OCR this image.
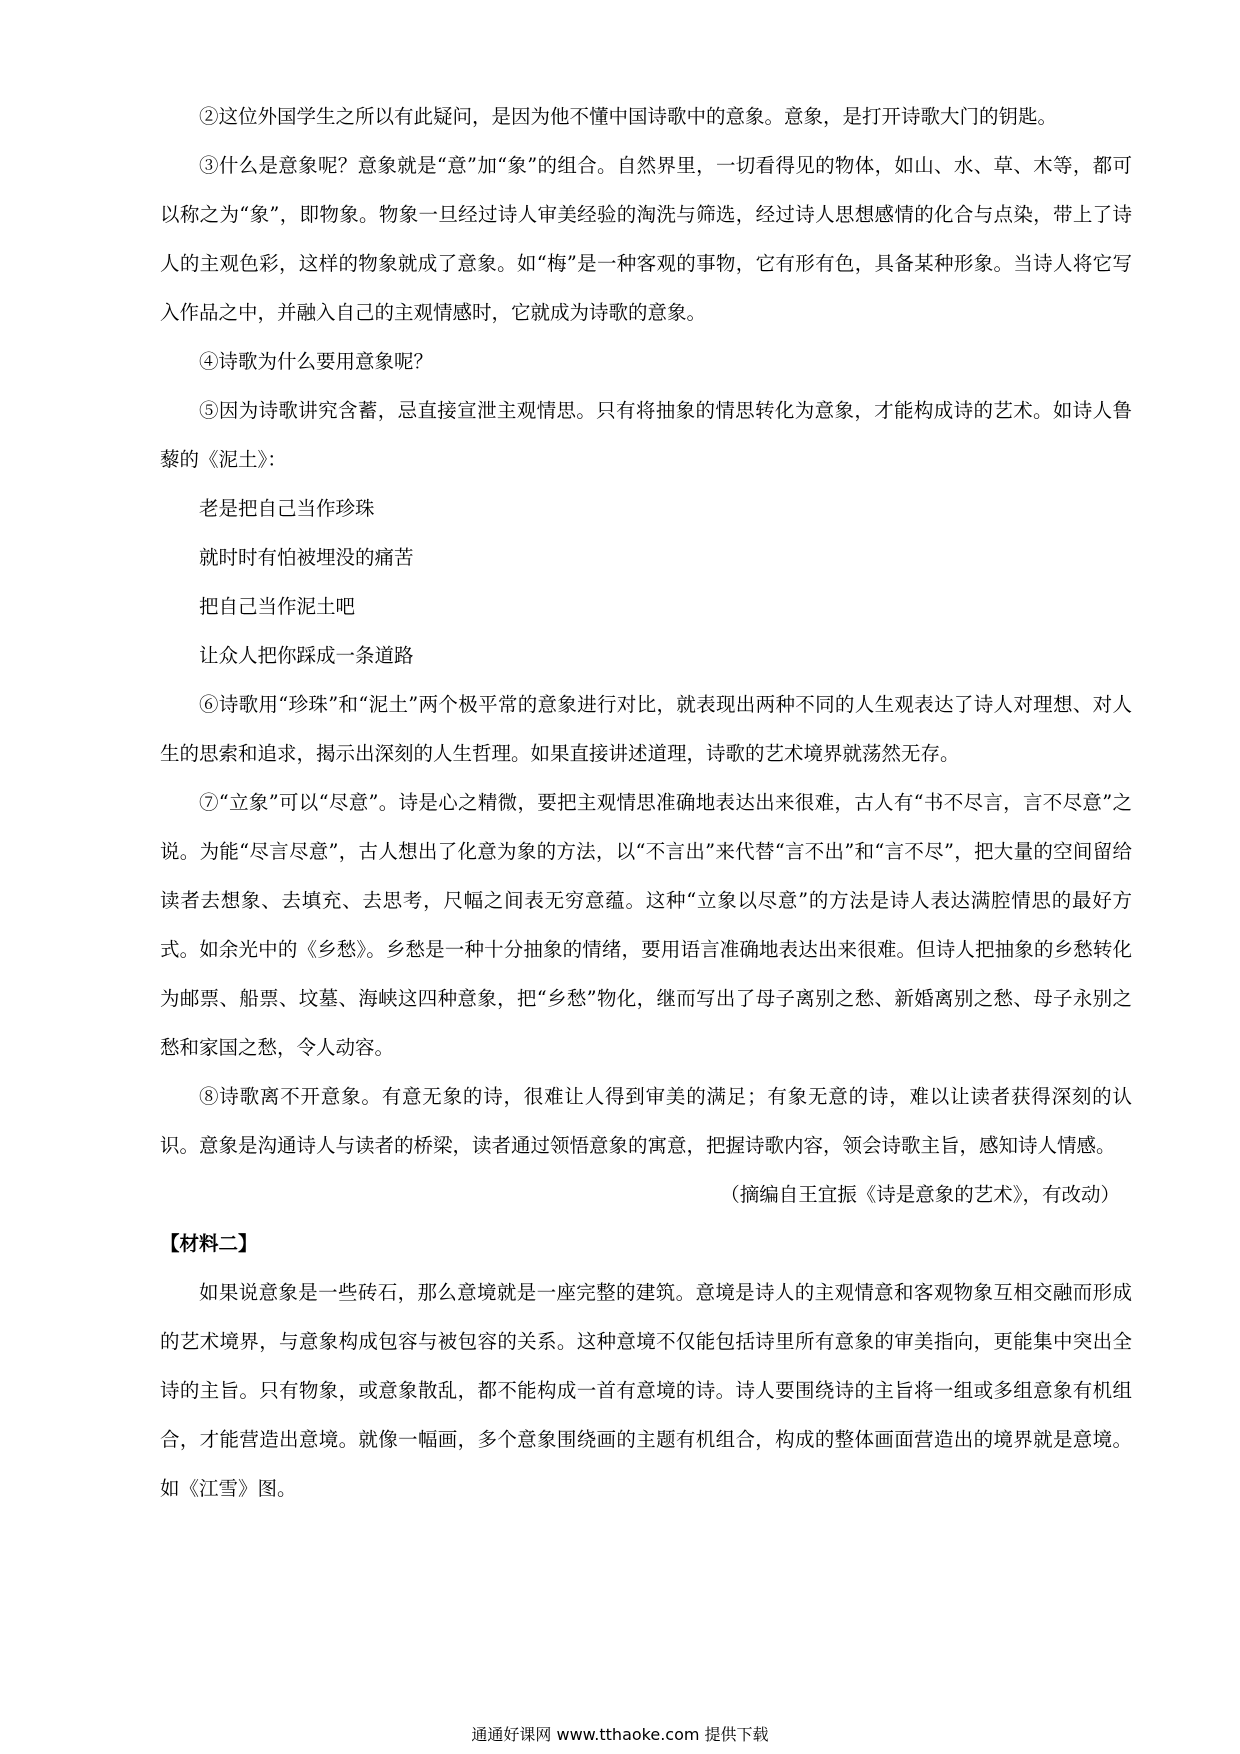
②这位外国学生之所以有此疑问，是因为他不懂中国诗歌中的意象。意象，是打开诗歌大门的钥匙。

③什么是意象呢？意象就是“意”加“象”的组合。自然界里，一切看得见的物体，如山、水、草、木等，都可以称之为“象”，即物象。物象一旦经过诗人审美经验的淘洗与筛选，经过诗人思想感情的化合与点染，带上了诗人的主观色彩，这样的物象就成了意象。如“梅”是一种客观的事物，它有形有色，具备某种形象。当诗人将它写入作品之中，并融入自己的主观情感时，它就成为诗歌的意象。

④诗歌为什么要用意象呢？

⑤因为诗歌讲究含蓄，忌直接宣泄主观情思。只有将抽象的情思转化为意象，才能构成诗的艺术。如诗人鲁藜的《泥土》：

老是把自己当作珍珠

就时时有怕被埋没的痛苦

把自己当作泥土吧

让众人把你踩成一条道路

⑥诗歌用“珍珠”和“泥土”两个极平常的意象进行对比，就表现出两种不同的人生观表达了诗人对理想、对人生的思索和追求，揭示出深刻的人生哲理。如果直接讲述道理，诗歌的艺术境界就荡然无存。

⑦“立象”可以“尽意”。诗是心之精微，要把主观情思准确地表达出来很难，古人有“书不尽言，言不尽意”之说。为能“尽言尽意”，古人想出了化意为象的方法，以“不言出”来代替“言不出”和“言不尽”，把大量的空间留给读者去想象、去填充、去思考，尺幅之间表无穷意蕴。这种“立象以尽意”的方法是诗人表达满腔情思的最好方式。如余光中的《乡愁》。乡愁是一种十分抽象的情绪，要用语言准确地表达出来很难。但诗人把抽象的乡愁转化为邮票、船票、坟墓、海峡这四种意象，把“乡愁”物化，继而写出了母子离别之愁、新婚离别之愁、母子永别之愁和家国之愁，令人动容。

⑧诗歌离不开意象。有意无象的诗，很难让人得到审美的满足；有象无意的诗，难以让读者获得深刻的认识。意象是沟通诗人与读者的桥梁，读者通过领悟意象的寓意，把握诗歌内容，领会诗歌主旨，感知诗人情感。

（摘编自王宜振《诗是意象的艺术》，有改动）

【材料二】

如果说意象是一些砖石，那么意境就是一座完整的建筑。意境是诗人的主观情意和客观物象互相交融而形成的艺术境界，与意象构成包容与被包容的关系。这种意境不仅能包括诗里所有意象的审美指向，更能集中突出全诗的主旨。只有物象，或意象散乱，都不能构成一首有意境的诗。诗人要围绕诗的主旨将一组或多组意象有机组合，才能营造出意境。就像一幅画，多个意象围绕画的主题有机组合，构成的整体画面营造出的境界就是意境。如《江雪》图。

通通好课网 www.tthaoke.com 提供下载
